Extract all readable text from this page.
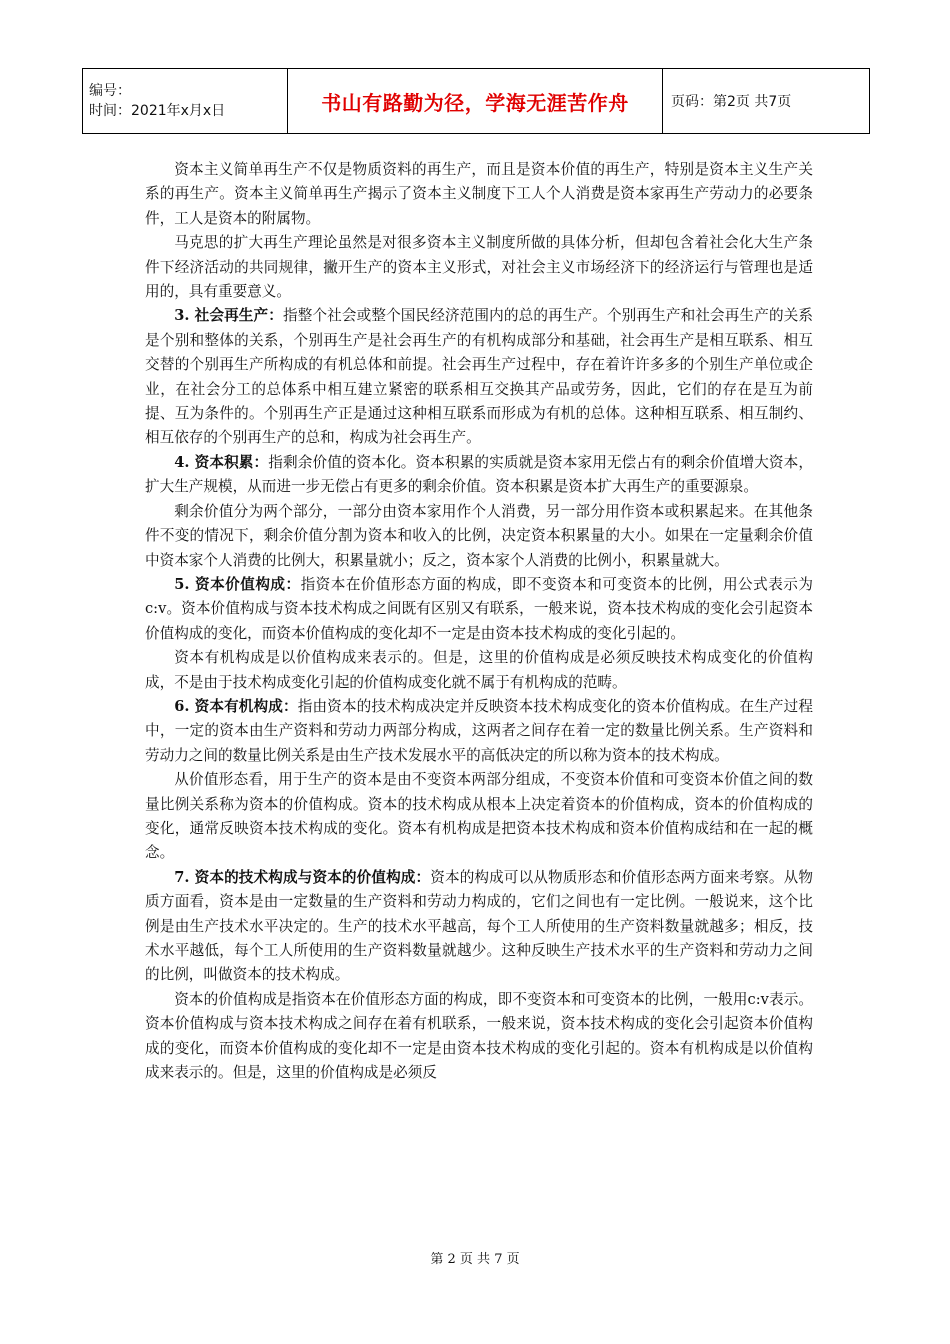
编号：
时间：2021年x月x日	书山有路勤为径，学海无涯苦作舟	页码：第2页 共7页

资本主义简单再生产不仅是物质资料的再生产，而且是资本价值的再生产，特别是资本主义生产关系的再生产。资本主义简单再生产揭示了资本主义制度下工人个人消费是资本家再生产劳动力的必要条件，工人是资本的附属物。

马克思的扩大再生产理论虽然是对很多资本主义制度所做的具体分析，但却包含着社会化大生产条件下经济活动的共同规律，撇开生产的资本主义形式，对社会主义市场经济下的经济运行与管理也是适用的，具有重要意义。

3. 社会再生产：指整个社会或整个国民经济范围内的总的再生产。个别再生产和社会再生产的关系是个别和整体的关系，个别再生产是社会再生产的有机构成部分和基础，社会再生产是相互联系、相互交替的个别再生产所构成的有机总体和前提。社会再生产过程中，存在着许许多多的个别生产单位或企业，在社会分工的总体系中相互建立紧密的联系相互交换其产品或劳务，因此，它们的存在是互为前提、互为条件的。个别再生产正是通过这种相互联系而形成为有机的总体。这种相互联系、相互制约、相互依存的个别再生产的总和，构成为社会再生产。

4. 资本积累：指剩余价值的资本化。资本积累的实质就是资本家用无偿占有的剩余价值增大资本，扩大生产规模，从而进一步无偿占有更多的剩余价值。资本积累是资本扩大再生产的重要源泉。

剩余价值分为两个部分，一部分由资本家用作个人消费，另一部分用作资本或积累起来。在其他条件不变的情况下，剩余价值分割为资本和收入的比例，决定资本积累量的大小。如果在一定量剩余价值中资本家个人消费的比例大，积累量就小；反之，资本家个人消费的比例小，积累量就大。

5. 资本价值构成：指资本在价值形态方面的构成，即不变资本和可变资本的比例，用公式表示为c:v。资本价值构成与资本技术构成之间既有区别又有联系，一般来说，资本技术构成的变化会引起资本价值构成的变化，而资本价值构成的变化却不一定是由资本技术构成的变化引起的。

资本有机构成是以价值构成来表示的。但是，这里的价值构成是必须反映技术构成变化的价值构成，不是由于技术构成变化引起的价值构成变化就不属于有机构成的范畴。

6. 资本有机构成：指由资本的技术构成决定并反映资本技术构成变化的资本价值构成。在生产过程中，一定的资本由生产资料和劳动力两部分构成，这两者之间存在着一定的数量比例关系。生产资料和劳动力之间的数量比例关系是由生产技术发展水平的高低决定的所以称为资本的技术构成。

从价值形态看，用于生产的资本是由不变资本两部分组成，不变资本价值和可变资本价值之间的数量比例关系称为资本的价值构成。资本的技术构成从根本上决定着资本的价值构成，资本的价值构成的变化，通常反映资本技术构成的变化。资本有机构成是把资本技术构成和资本价值构成结和在一起的概念。

7. 资本的技术构成与资本的价值构成：资本的构成可以从物质形态和价值形态两方面来考察。从物质方面看，资本是由一定数量的生产资料和劳动力构成的，它们之间也有一定比例。一般说来，这个比例是由生产技术水平决定的。生产的技术水平越高，每个工人所使用的生产资料数量就越多；相反，技术水平越低，每个工人所使用的生产资料数量就越少。这种反映生产技术水平的生产资料和劳动力之间的比例，叫做资本的技术构成。

资本的价值构成是指资本在价值形态方面的构成，即不变资本和可变资本的比例，一般用c:v表示。资本价值构成与资本技术构成之间存在着有机联系，一般来说，资本技术构成的变化会引起资本价值构成的变化，而资本价值构成的变化却不一定是由资本技术构成的变化引起的。资本有机构成是以价值构成来表示的。但是，这里的价值构成是必须反

第 2 页 共 7 页
